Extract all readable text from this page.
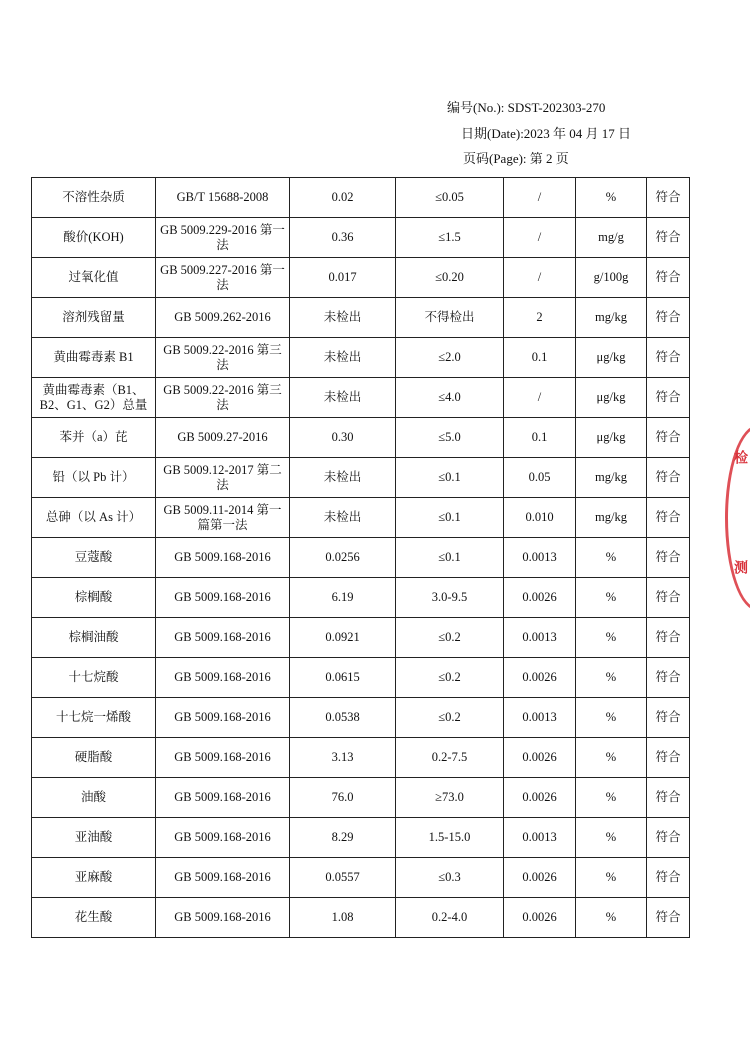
编号(No.): SDST-202303-270
日期(Date):2023 年 04 月 17 日
页码(Page): 第 2 页
不溶性杂质	GB/T 15688-2008	0.02	≤0.05	/	%	符合
酸价(KOH)	GB 5009.229-2016 第一法	0.36	≤1.5	/	mg/g	符合
过氧化值	GB 5009.227-2016 第一法	0.017	≤0.20	/	g/100g	符合
溶剂残留量	GB 5009.262-2016	未检出	不得检出	2	mg/kg	符合
黄曲霉毒素 B1	GB 5009.22-2016 第三法	未检出	≤2.0	0.1	μg/kg	符合
黄曲霉毒素（B1、B2、G1、G2）总量	GB 5009.22-2016 第三法	未检出	≤4.0	/	μg/kg	符合
苯并（a）芘	GB 5009.27-2016	0.30	≤5.0	0.1	μg/kg	符合
铅（以 Pb 计）	GB 5009.12-2017 第二法	未检出	≤0.1	0.05	mg/kg	符合
总砷（以 As 计）	GB 5009.11-2014 第一篇第一法	未检出	≤0.1	0.010	mg/kg	符合
豆蔻酸	GB 5009.168-2016	0.0256	≤0.1	0.0013	%	符合
棕榈酸	GB 5009.168-2016	6.19	3.0-9.5	0.0026	%	符合
棕榈油酸	GB 5009.168-2016	0.0921	≤0.2	0.0013	%	符合
十七烷酸	GB 5009.168-2016	0.0615	≤0.2	0.0026	%	符合
十七烷一烯酸	GB 5009.168-2016	0.0538	≤0.2	0.0013	%	符合
硬脂酸	GB 5009.168-2016	3.13	0.2-7.5	0.0026	%	符合
油酸	GB 5009.168-2016	76.0	≥73.0	0.0026	%	符合
亚油酸	GB 5009.168-2016	8.29	1.5-15.0	0.0013	%	符合
亚麻酸	GB 5009.168-2016	0.0557	≤0.3	0.0026	%	符合
花生酸	GB 5009.168-2016	1.08	0.2-4.0	0.0026	%	符合
检
测
